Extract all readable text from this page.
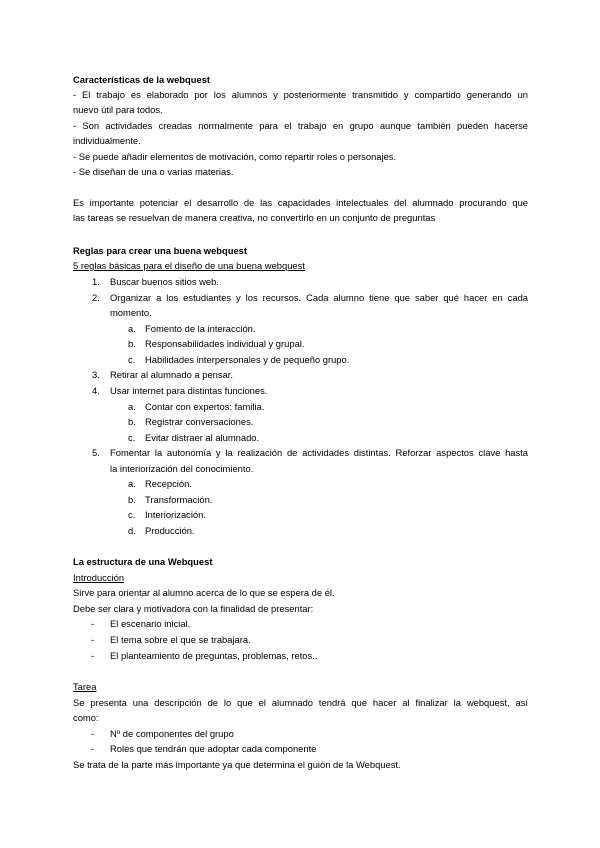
Características de la webquest
- El trabajo es elaborado por los alumnos y posteriormente transmitido y compartido generando un
nuevo útil para todos.
- Son actividades creadas normalmente para el trabajo en grupo aunque también pueden hacerse
individualmente.
- Se puede añadir elementos de motivación, como repartir roles o personajes.
- Se diseñan de una o varias materias.
Es importante potenciar el desarrollo de las capacidades intelectuales del alumnado procurando que
las tareas se resuelvan de manera creativa, no convertirlo en un conjunto de preguntas
Reglas para crear una buena webquest
5 reglas básicas para el diseño de una buena webquest
1. Buscar buenos sitios web.
2. Organizar a los estudiantes y los recursos. Cada alumno tiene que saber qué hacer en cada
momento.
a. Fomento de la interacción.
b. Responsabilidades individual y grupal.
c. Habilidades interpersonales y de pequeño grupo.
3. Retirar al alumnado a pensar.
4. Usar internet para distintas funciones.
a. Contar con expertos: familia.
b. Registrar conversaciones.
c. Evitar distraer al alumnado.
5. Fomentar la autonomía y la realización de actividades distintas. Reforzar aspectos clave hasta
la interiorización del conocimiento.
a. Recepción.
b. Transformación.
c. Interiorización.
d. Producción.
La estructura de una Webquest
Introducción
Sirve para orientar al alumno acerca de lo que se espera de él.
Debe ser clara y motivadora con la finalidad de presentar:
- El escenario inicial.
- El tema sobre el que se trabajara.
- El planteamiento de preguntas, problemas, retos..
Tarea
Se presenta una descripción de lo que el alumnado tendrá que hacer al finalizar la webquest, así
como:
- Nº de componentes del grupo
- Roles que tendrán que adoptar cada componente
Se trata de la parte más importante ya que determina el guión de la Webquest.
